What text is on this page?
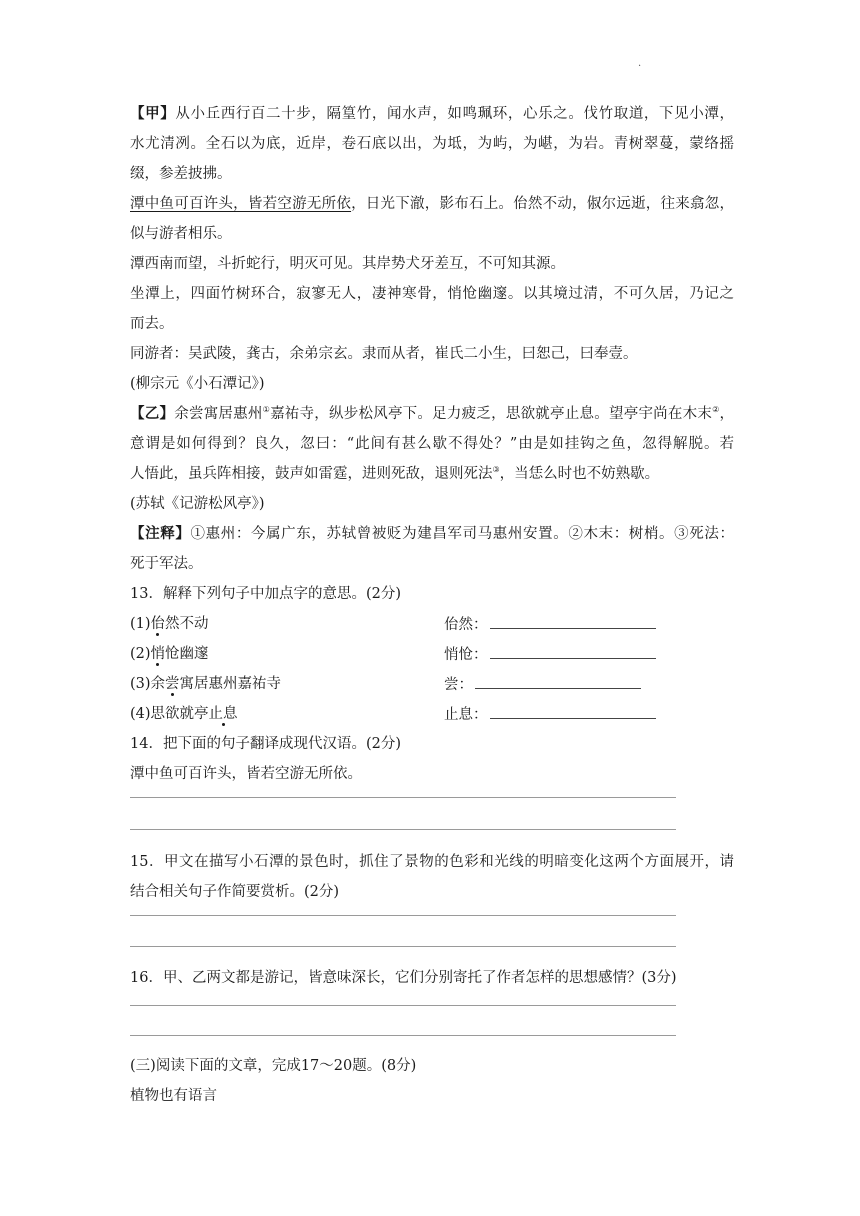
.
【甲】从小丘西行百二十步，隔篁竹，闻水声，如鸣珮环，心乐之。伐竹取道，下见小潭，
水尤清冽。全石以为底，近岸，卷石底以出，为坻，为屿，为嵁，为岩。青树翠蔓，蒙络摇
缀，参差披拂。
潭中鱼可百许头，皆若空游无所依，日光下澈，影布石上。佁然不动，俶尔远逝，往来翕忽，
似与游者相乐。
潭西南而望，斗折蛇行，明灭可见。其岸势犬牙差互，不可知其源。
坐潭上，四面竹树环合，寂寥无人，凄神寒骨，悄怆幽邃。以其境过清，不可久居，乃记之
而去。
同游者：吴武陵，龚古，余弟宗玄。隶而从者，崔氏二小生，曰恕己，曰奉壹。
(柳宗元《小石潭记》)
【乙】余尝寓居惠州①嘉祐寺，纵步松风亭下。足力疲乏，思欲就亭止息。望亭宇尚在木末②，
意谓是如何得到？良久，忽曰：“此间有甚么歇不得处？”由是如挂钩之鱼，忽得解脱。若
人悟此，虽兵阵相接，鼓声如雷霆，进则死敌，退则死法③，当恁么时也不妨熟歇。
(苏轼《记游松风亭》)
【注释】①惠州：今属广东，苏轼曾被贬为建昌军司马惠州安置。②木末：树梢。③死法：
死于军法。
13．解释下列句子中加点字的意思。(2分)
(1)佁然不动	佁然：
(2)悄怆幽邃	悄怆：
(3)余尝寓居惠州嘉祐寺	尝：
(4)思欲就亭止息	止息：
14．把下面的句子翻译成现代汉语。(2分)
潭中鱼可百许头，皆若空游无所依。
15．甲文在描写小石潭的景色时，抓住了景物的色彩和光线的明暗变化这两个方面展开，请
结合相关句子作简要赏析。(2分)
16．甲、乙两文都是游记，皆意味深长，它们分别寄托了作者怎样的思想感情？(3分)
(三)阅读下面的文章，完成17～20题。(8分)
植物也有语言
